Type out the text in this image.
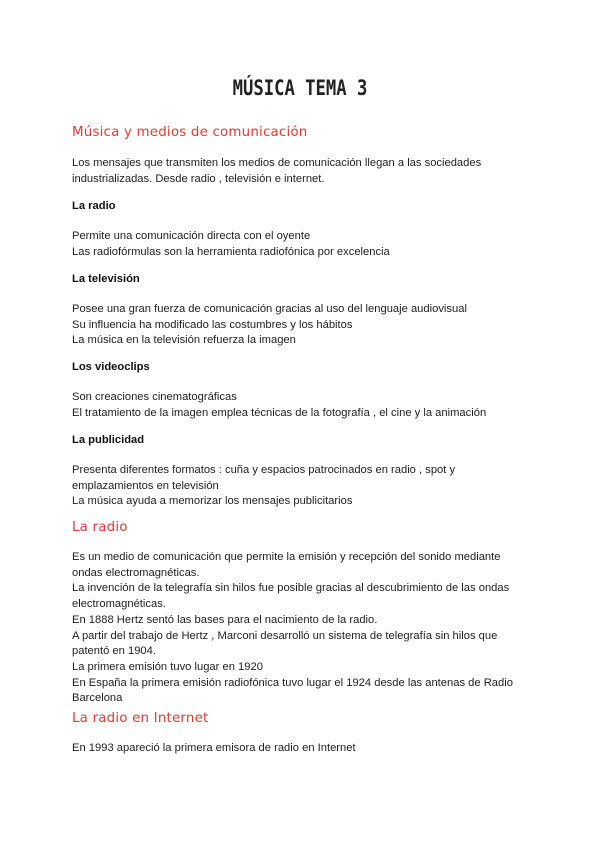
MÚSICA TEMA 3
Música y medios de comunicación
Los mensajes que transmiten los medios de comunicación llegan a las sociedades
industrializadas. Desde radio , televisión e internet.
La radio
Permite una comunicación directa con el oyente
Las radiofórmulas son la herramienta radiofónica por excelencia
La televisión
Posee una gran fuerza de comunicación gracias al uso del lenguaje audiovisual
Su influencia ha modificado las costumbres y los hábitos
La música en la televisión refuerza la imagen
Los videoclips
Son creaciones cinematográficas
El tratamiento de la imagen emplea técnicas de la fotografía , el cine y la animación
La publicidad
Presenta diferentes formatos : cuña y espacios patrocinados en radio , spot y
emplazamientos en televisión
La música ayuda a memorizar los mensajes publicitarios
La radio
Es un medio de comunicación que permite la emisión y recepción del sonido mediante
ondas electromagnéticas.
La invención de la telegrafía sin hilos fue posible gracias al descubrimiento de las ondas
electromagnéticas.
En 1888 Hertz sentó las bases para el nacimiento de la radio.
A partir del trabajo de Hertz , Marconi desarrolló un sistema de telegrafía sin hilos que
patentó en 1904.
La primera emisión tuvo lugar en 1920
En España la primera emisión radiofónica tuvo lugar el 1924 desde las antenas de Radio
Barcelona
La radio en Internet
En 1993 apareció la primera emisora de radio en Internet
